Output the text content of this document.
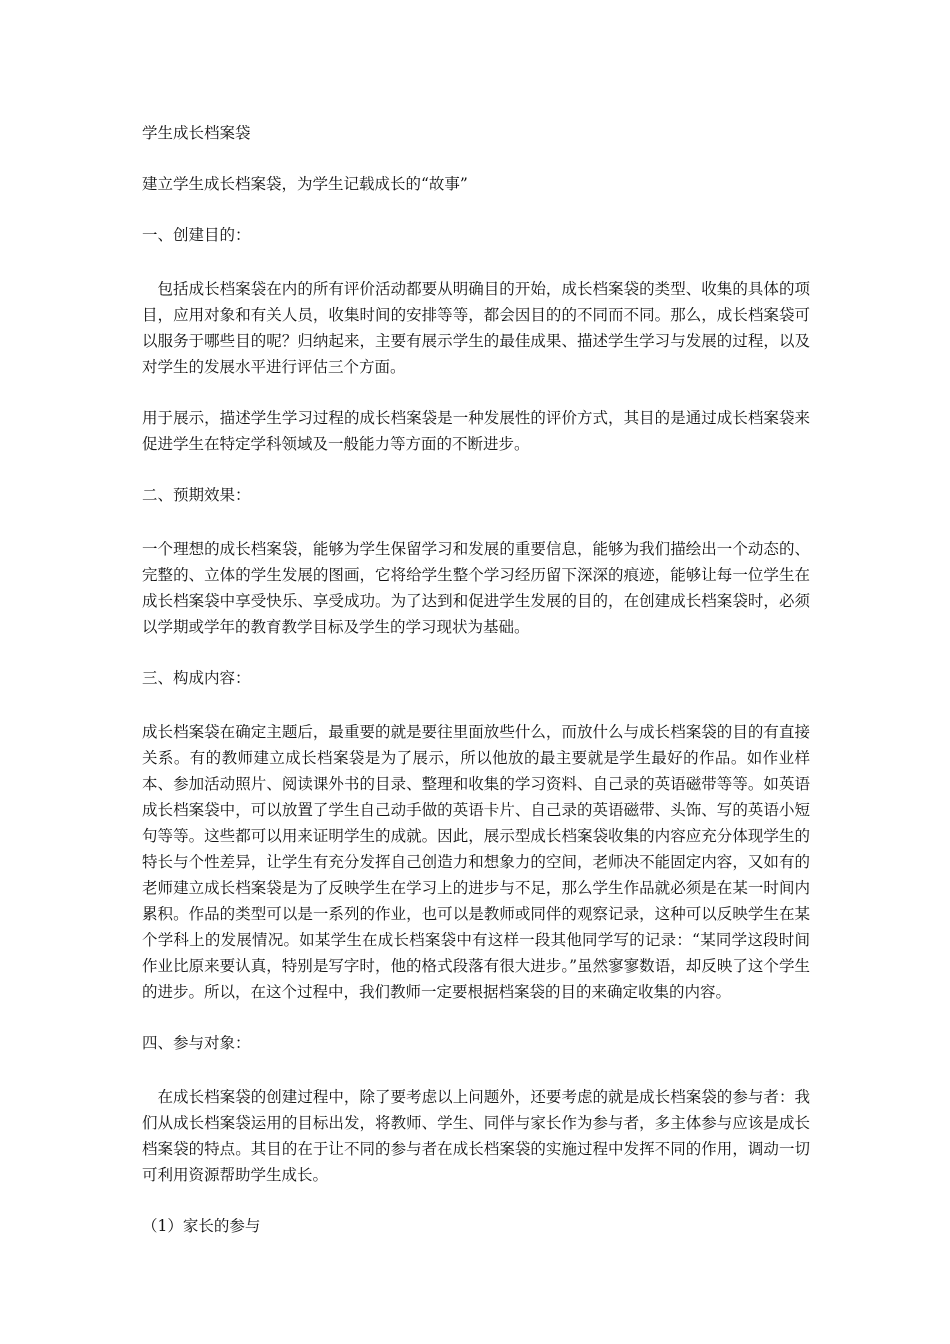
学生成长档案袋

建立学生成长档案袋，为学生记载成长的“故事”

一、创建目的：

包括成长档案袋在内的所有评价活动都要从明确目的开始，成长档案袋的类型、收集的具体的项目，应用对象和有关人员，收集时间的安排等等，都会因目的的不同而不同。那么，成长档案袋可以服务于哪些目的呢？归纳起来，主要有展示学生的最佳成果、描述学生学习与发展的过程，以及对学生的发展水平进行评估三个方面。

用于展示，描述学生学习过程的成长档案袋是一种发展性的评价方式，其目的是通过成长档案袋来促进学生在特定学科领域及一般能力等方面的不断进步。

二、预期效果：

一个理想的成长档案袋，能够为学生保留学习和发展的重要信息，能够为我们描绘出一个动态的、完整的、立体的学生发展的图画，它将给学生整个学习经历留下深深的痕迹，能够让每一位学生在成长档案袋中享受快乐、享受成功。为了达到和促进学生发展的目的，在创建成长档案袋时，必须以学期或学年的教育教学目标及学生的学习现状为基础。

三、构成内容：

成长档案袋在确定主题后，最重要的就是要往里面放些什么，而放什么与成长档案袋的目的有直接关系。有的教师建立成长档案袋是为了展示，所以他放的最主要就是学生最好的作品。如作业样本、参加活动照片、阅读课外书的目录、整理和收集的学习资料、自己录的英语磁带等等。如英语成长档案袋中，可以放置了学生自己动手做的英语卡片、自己录的英语磁带、头饰、写的英语小短句等等。这些都可以用来证明学生的成就。因此，展示型成长档案袋收集的内容应充分体现学生的特长与个性差异，让学生有充分发挥自己创造力和想象力的空间，老师决不能固定内容，又如有的老师建立成长档案袋是为了反映学生在学习上的进步与不足，那么学生作品就必须是在某一时间内累积。作品的类型可以是一系列的作业，也可以是教师或同伴的观察记录，这种可以反映学生在某个学科上的发展情况。如某学生在成长档案袋中有这样一段其他同学写的记录：“某同学这段时间作业比原来要认真，特别是写字时，他的格式段落有很大进步。”虽然寥寥数语，却反映了这个学生的进步。所以，在这个过程中，我们教师一定要根据档案袋的目的来确定收集的内容。

四、参与对象：

在成长档案袋的创建过程中，除了要考虑以上问题外，还要考虑的就是成长档案袋的参与者：我们从成长档案袋运用的目标出发，将教师、学生、同伴与家长作为参与者，多主体参与应该是成长档案袋的特点。其目的在于让不同的参与者在成长档案袋的实施过程中发挥不同的作用，调动一切可利用资源帮助学生成长。

（1）家长的参与
